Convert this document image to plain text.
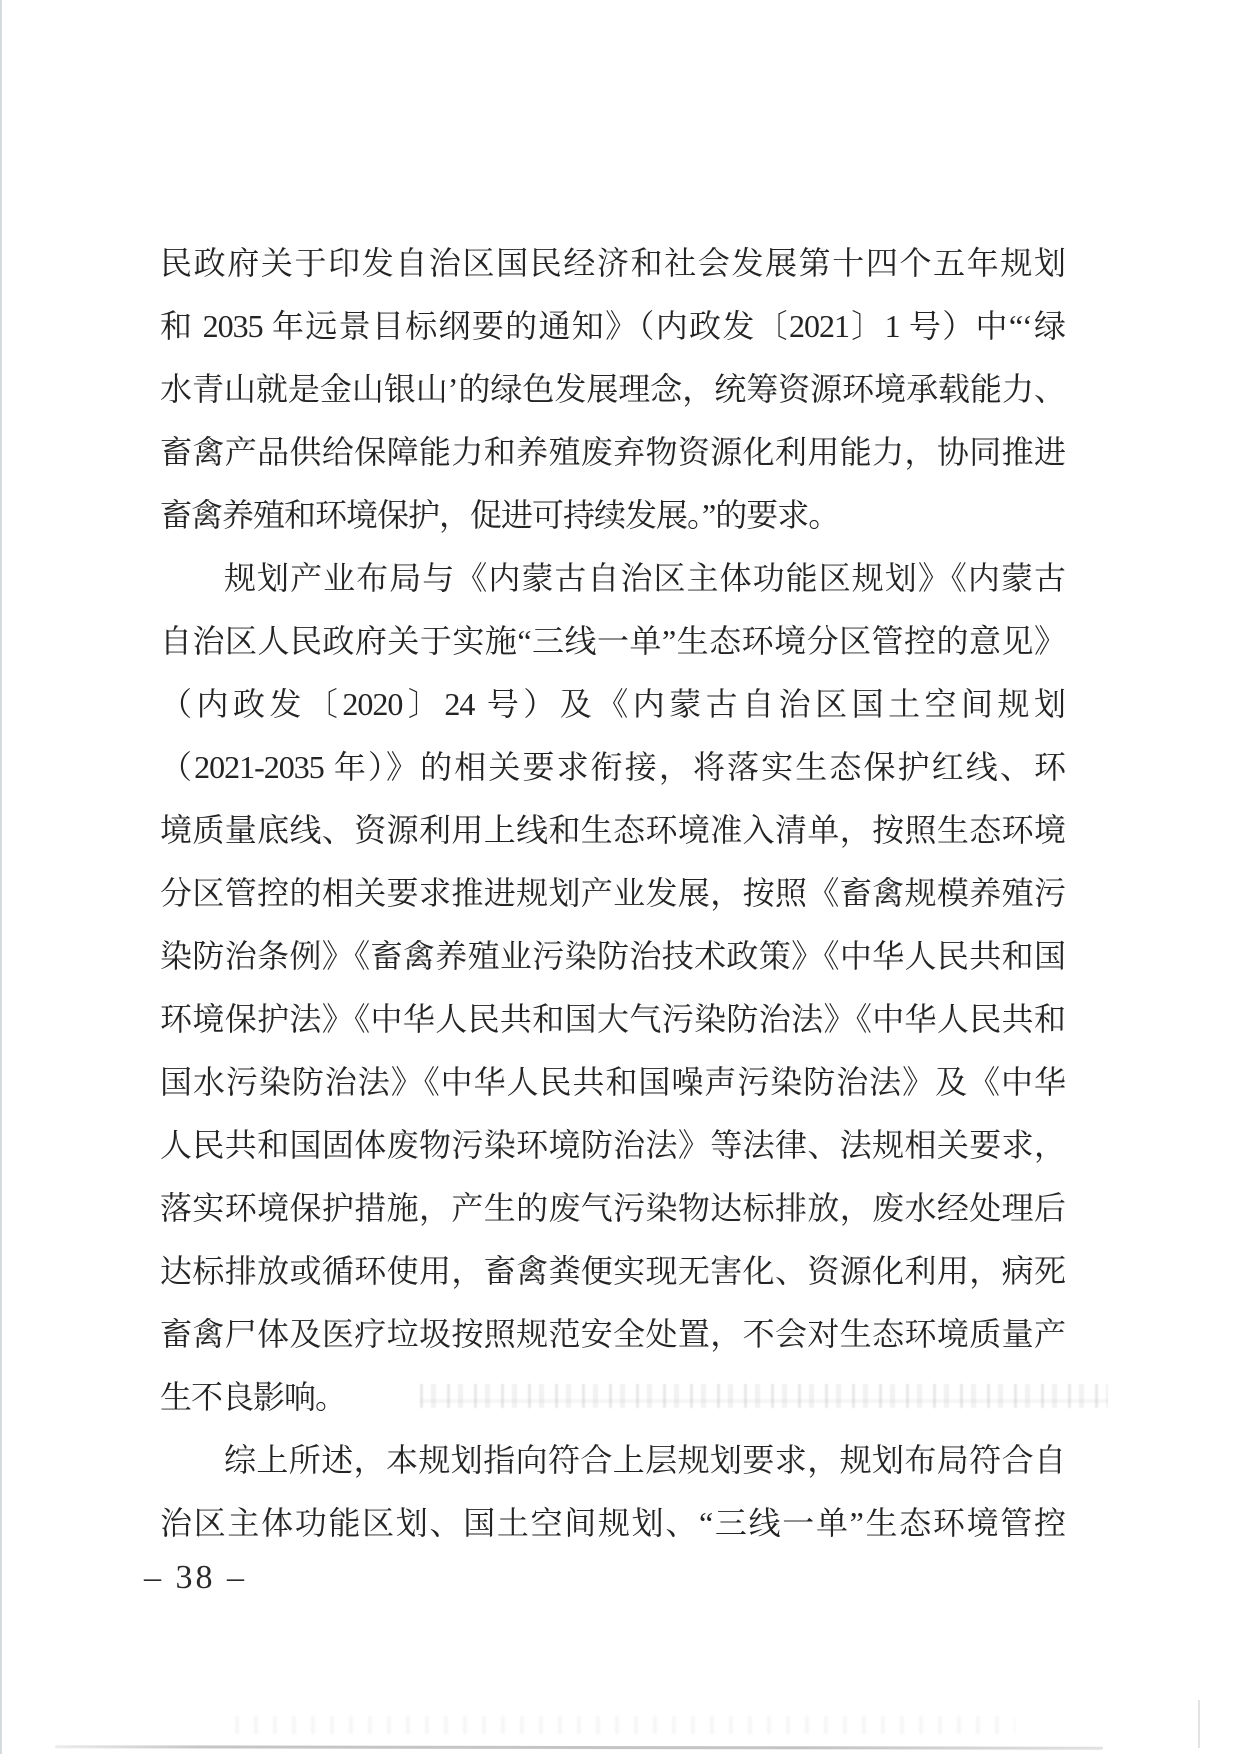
民政府关于印发自治区国民经济和社会发展第十四个五年规划
和 2035 年远景目标纲要的通知》（内政发〔2021〕1 号）中“‘绿
水青山就是金山银山’的绿色发展理念，统筹资源环境承载能力、
畜禽产品供给保障能力和养殖废弃物资源化利用能力，协同推进
畜禽养殖和环境保护，促进可持续发展。”的要求。
规划产业布局与《内蒙古自治区主体功能区规划》《内蒙古
自治区人民政府关于实施“三线一单”生态环境分区管控的意见》
（内政发〔2020〕24 号）及《内蒙古自治区国土空间规划
（2021-2035 年）》的相关要求衔接，将落实生态保护红线、环
境质量底线、资源利用上线和生态环境准入清单，按照生态环境
分区管控的相关要求推进规划产业发展，按照《畜禽规模养殖污
染防治条例》《畜禽养殖业污染防治技术政策》《中华人民共和国
环境保护法》《中华人民共和国大气污染防治法》《中华人民共和
国水污染防治法》《中华人民共和国噪声污染防治法》及《中华
人民共和国固体废物污染环境防治法》等法律、法规相关要求，
落实环境保护措施，产生的废气污染物达标排放，废水经处理后
达标排放或循环使用，畜禽粪便实现无害化、资源化利用，病死
畜禽尸体及医疗垃圾按照规范安全处置，不会对生态环境质量产
生不良影响。
综上所述，本规划指向符合上层规划要求，规划布局符合自
治区主体功能区划、国土空间规划、“三线一单”生态环境管控
– 38 –
